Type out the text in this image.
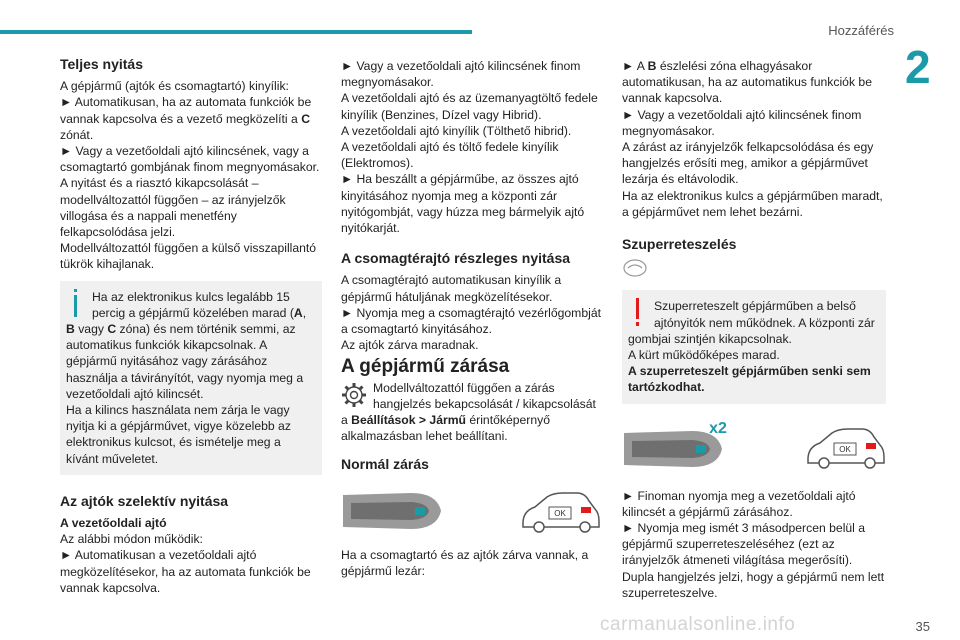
Hozzáférés
2
Teljes nyitás

A gépjármű (ajtók és csomagtartó) kinyílik:

► Automatikusan, ha az automata funkciók be vannak kapcsolva és a vezető megközelíti a C zónát.

► Vagy a vezetőoldali ajtó kilincsének, vagy a csomagtartó gombjának finom megnyomásakor.

A nyitást és a riasztó kikapcsolását – modellváltozattól függően – az irányjelzők villogása és a nappali menetfény felkapcsolódása jelzi.

Modellváltozattól függően a külső visszapillantó tükrök kihajlanak.

Ha az elektronikus kulcs legalább 15 percig a gépjármű közelében marad (A, B vagy C zóna) és nem történik semmi, az automatikus funkciók kikapcsolnak. A gépjármű nyitásához vagy zárásához használja a távirányítót, vagy nyomja meg a vezetőoldali ajtó kilincsét.

Ha a kilincs használata nem zárja le vagy nyitja ki a gépjárművet, vigye közelebb az elektronikus kulcsot, és ismételje meg a kívánt műveletet.

Az ajtók szelektív nyitása

A vezetőoldali ajtó

Az alábbi módon működik:

► Automatikusan a vezetőoldali ajtó megközelítésekor, ha az automata funkciók be vannak kapcsolva.

► Vagy a vezetőoldali ajtó kilincsének finom megnyomásakor.

A vezetőoldali ajtó és az üzemanyagtöltő fedele kinyílik (Benzines, Dízel vagy Hibrid).

A vezetőoldali ajtó kinyílik (Tölthető hibrid).

A vezetőoldali ajtó és töltő fedele kinyílik (Elektromos).

► Ha beszállt a gépjárműbe, az összes ajtó kinyitásához nyomja meg a központi zár nyitógombját, vagy húzza meg bármelyik ajtó nyitókarját.

A csomagtérajtó részleges nyitása

A csomagtérajtó automatikusan kinyílik a gépjármű hátuljának megközelítésekor.

► Nyomja meg a csomagtérajtó vezérlőgombját a csomagtartó kinyitásához.

Az ajtók zárva maradnak.

A gépjármű zárása

Modellváltozattól függően a zárás hangjelzés bekapcsolását / kikapcsolását a Beállítások > Jármű érintőképernyő alkalmazásban lehet beállítani.

Normál zárás
OK

Ha a csomagtartó és az ajtók zárva vannak, a gépjármű lezár:

► A B észlelési zóna elhagyásakor automatikusan, ha az automatikus funkciók be vannak kapcsolva.

► Vagy a vezetőoldali ajtó kilincsének finom megnyomásakor.

A zárást az irányjelzők felkapcsolódása és egy hangjelzés erősíti meg, amikor a gépjárművet lezárja és eltávolodik.

Ha az elektronikus kulcs a gépjárműben maradt, a gépjárművet nem lehet bezárni.

Szuperreteszelés

Szuperreteszelt gépjárműben a belső ajtónyitók nem működnek. A központi zár gombjai szintjén kikapcsolnak.

A kürt működőképes marad.

A szuperreteszelt gépjárműben senki sem tartózkodhat.

x2
OK

► Finoman nyomja meg a vezetőoldali ajtó kilincsét a gépjármű zárásához.

► Nyomja meg ismét 3 másodpercen belül a gépjármű szuperreteszeléséhez (ezt az irányjelzők átmeneti világítása megerősíti).

Dupla hangjelzés jelzi, hogy a gépjármű nem lett szuperreteszelve.

carmanualsonline.info	35
